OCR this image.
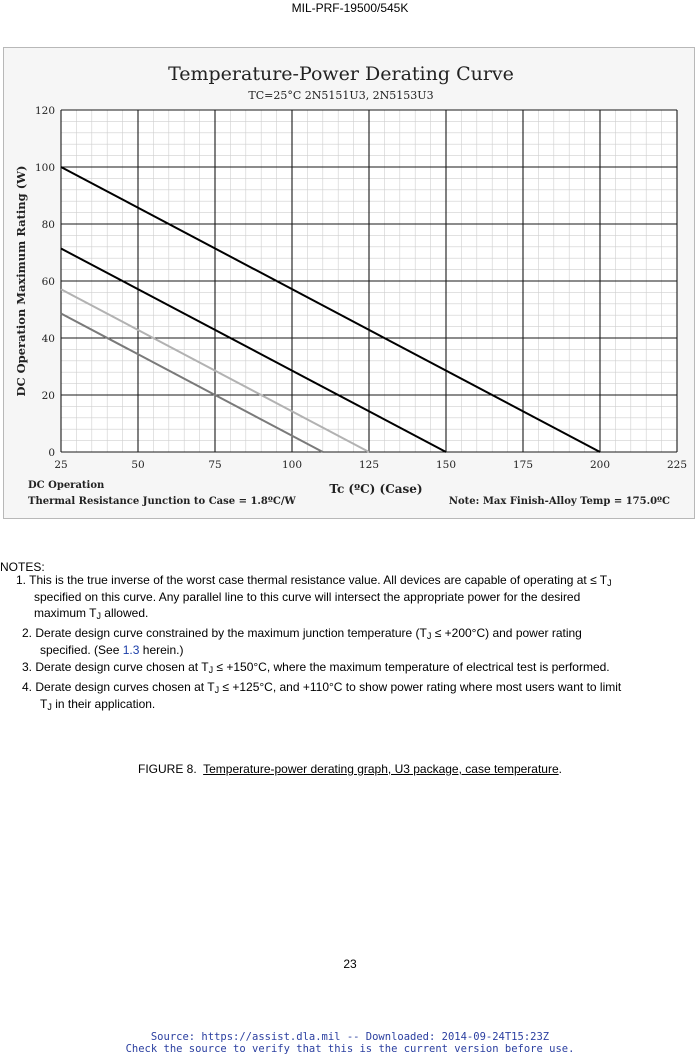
MIL-PRF-19500/545K
Temperature-Power Derating Curve
TC=25°C 2N5151U3, 2N5153U3
25	50	75	100	125	150	175	200	225
0
20
40
60
80
100
120
DC Operation Maximum Rating (W)
Tc (ºC) (Case)
DC Operation
Thermal Resistance Junction to Case = 1.8ºC/W	Note: Max Finish-Alloy Temp = 175.0ºC
NOTES:
1. This is the true inverse of the worst case thermal resistance value. All devices are capable of operating at ≤ $T_J$
specified on this curve. Any parallel line to this curve will intersect the appropriate power for the desired
maximum $T_J$ allowed.
2. Derate design curve constrained by the maximum junction temperature $(T_J \le +200^\circ C)$ and power rating
specified. (See 1.3 herein.)
3. Derate design curve chosen at $T_J \le +150^\circ C$, where the maximum temperature of electrical test is performed.
4. Derate design curves chosen at $T_J \le +125^\circ C$, and +110°C to show power rating where most users want to limit
$T_J$ in their application.
FIGURE 8. Temperature-power derating graph, U3 package, case temperature.
23
Source: https://assist.dla.mil -- Downloaded: 2014-09-24T15:23Z
Check the source to verify that this is the current version before use.
